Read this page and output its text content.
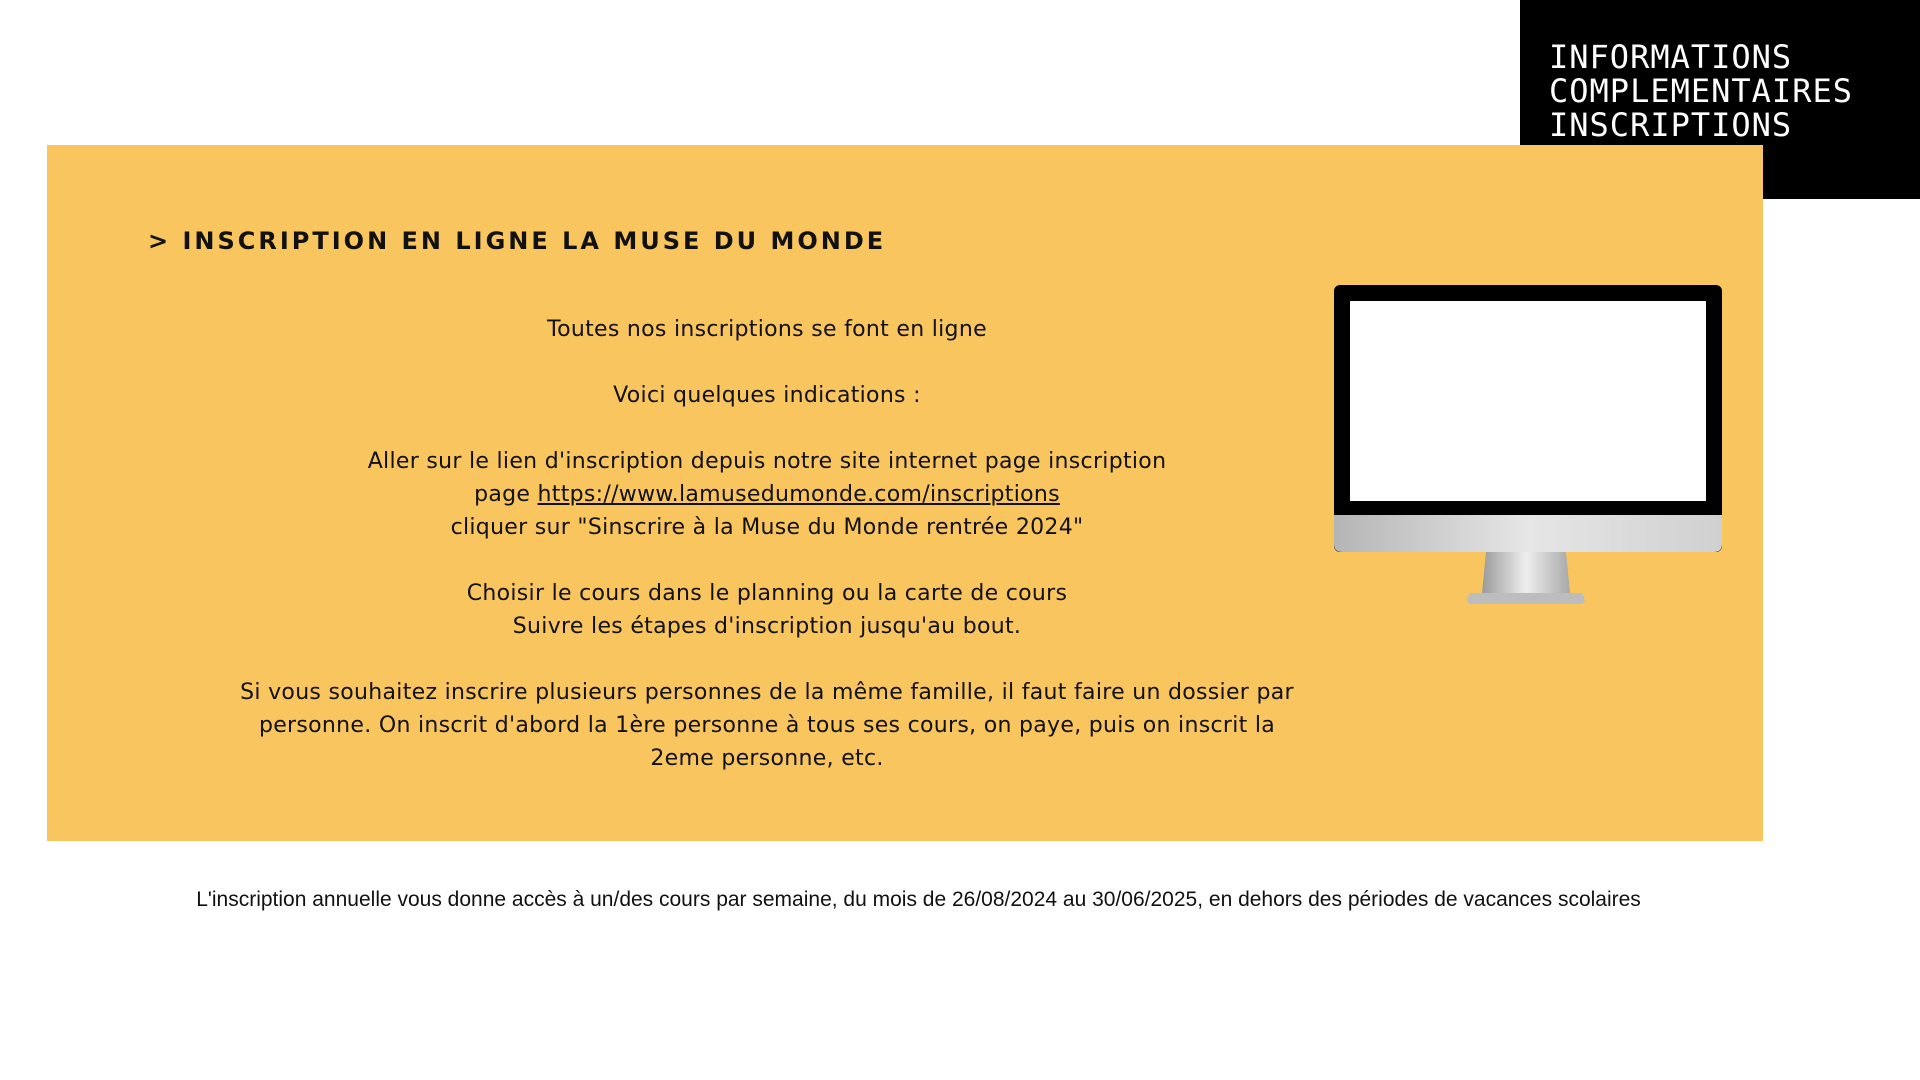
INFORMATIONS
COMPLEMENTAIRES
INSCRIPTIONS
> INSCRIPTION EN LIGNE LA MUSE DU MONDE

Toutes nos inscriptions se font en ligne

Voici quelques indications :

Aller sur le lien d'inscription depuis notre site internet page inscription
page https://www.lamusedumonde.com/inscriptions
cliquer sur "Sinscrire à la Muse du Monde rentrée 2024"

Choisir le cours dans le planning ou la carte de cours
Suivre les étapes d'inscription jusqu'au bout.

Si vous souhaitez inscrire plusieurs personnes de la même famille, il faut faire un dossier par
personne. On inscrit d'abord la 1ère personne à tous ses cours, on paye, puis on inscrit la
2eme personne, etc.

L'inscription annuelle vous donne accès à un/des cours par semaine, du mois de 26/08/2024 au 30/06/2025, en dehors des périodes de vacances scolaires
